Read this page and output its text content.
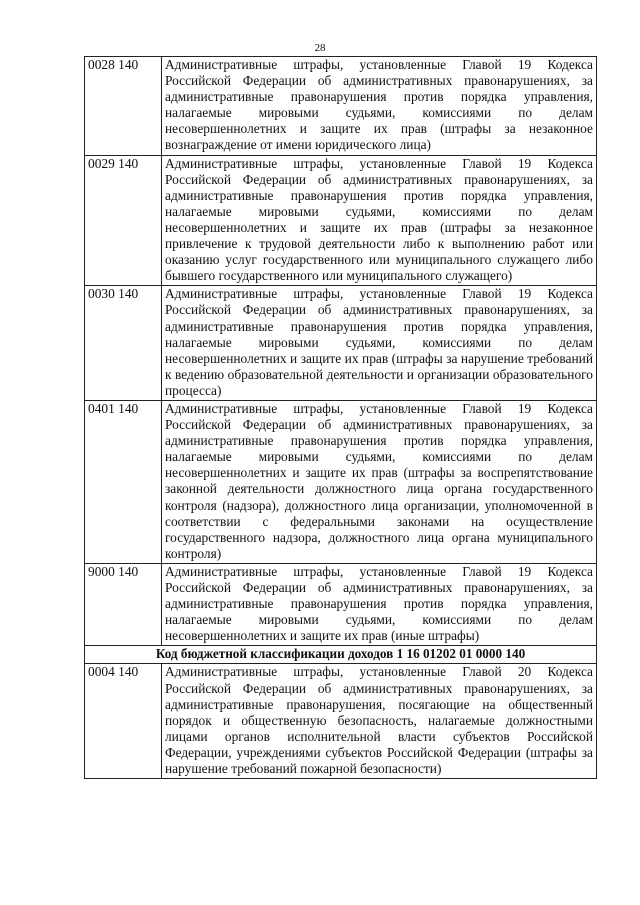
28
0028 140	Административные штрафы, установленные Главой 19 Кодекса Российской Федерации об административных правонарушениях, за административные правонарушения против порядка управления, налагаемые мировыми судьями, комиссиями по делам несовершеннолетних и защите их прав (штрафы за незаконное вознаграждение от имени юридического лица)
0029 140	Административные штрафы, установленные Главой 19 Кодекса Российской Федерации об административных правонарушениях, за административные правонарушения против порядка управления, налагаемые мировыми судьями, комиссиями по делам несовершеннолетних и защите их прав (штрафы за незаконное привлечение к трудовой деятельности либо к выполнению работ или оказанию услуг государственного или муниципального служащего либо бывшего государственного или муниципального служащего)
0030 140	Административные штрафы, установленные Главой 19 Кодекса Российской Федерации об административных правонарушениях, за административные правонарушения против порядка управления, налагаемые мировыми судьями, комиссиями по делам несовершеннолетних и защите их прав (штрафы за нарушение требований к ведению образовательной деятельности и организации образовательного процесса)
0401 140	Административные штрафы, установленные Главой 19 Кодекса Российской Федерации об административных правонарушениях, за административные правонарушения против порядка управления, налагаемые мировыми судьями, комиссиями по делам несовершеннолетних и защите их прав (штрафы за воспрепятствование законной деятельности должностного лица органа государственного контроля (надзора), должностного лица организации, уполномоченной в соответствии с федеральными законами на осуществление государственного надзора, должностного лица органа муниципального контроля)
9000 140	Административные штрафы, установленные Главой 19 Кодекса Российской Федерации об административных правонарушениях, за административные правонарушения против порядка управления, налагаемые мировыми судьями, комиссиями по делам несовершеннолетних и защите их прав (иные штрафы)
Код бюджетной классификации доходов 1 16 01202 01 0000 140	
0004 140	Административные штрафы, установленные Главой 20 Кодекса Российской Федерации об административных правонарушениях, за административные правонарушения, посягающие на общественный порядок и общественную безопасность, налагаемые должностными лицами органов исполнительной власти субъектов Российской Федерации, учреждениями субъектов Российской Федерации (штрафы за нарушение требований пожарной безопасности)
